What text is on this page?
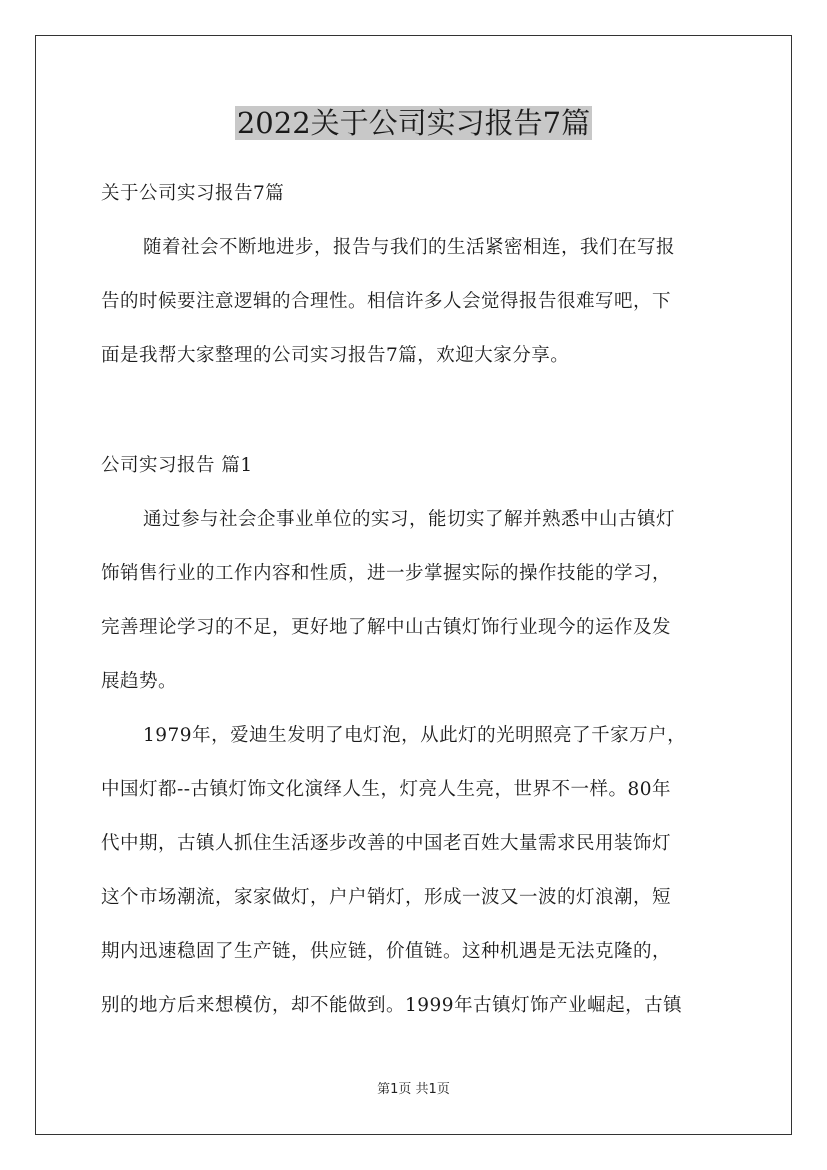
2022关于公司实习报告7篇

关于公司实习报告7篇

随着社会不断地进步，报告与我们的生活紧密相连，我们在写报
告的时候要注意逻辑的合理性。相信许多人会觉得报告很难写吧，下
面是我帮大家整理的公司实习报告7篇，欢迎大家分享。

公司实习报告 篇1

通过参与社会企事业单位的实习，能切实了解并熟悉中山古镇灯
饰销售行业的工作内容和性质，进一步掌握实际的操作技能的学习，
完善理论学习的不足，更好地了解中山古镇灯饰行业现今的运作及发
展趋势。
1979年，爱迪生发明了电灯泡，从此灯的光明照亮了千家万户，
中国灯都--古镇灯饰文化演绎人生，灯亮人生亮，世界不一样。80年
代中期，古镇人抓住生活逐步改善的中国老百姓大量需求民用装饰灯
这个市场潮流，家家做灯，户户销灯，形成一波又一波的灯浪潮，短
期内迅速稳固了生产链，供应链，价值链。这种机遇是无法克隆的，
别的地方后来想模仿，却不能做到。1999年古镇灯饰产业崛起，古镇
第1页 共1页
